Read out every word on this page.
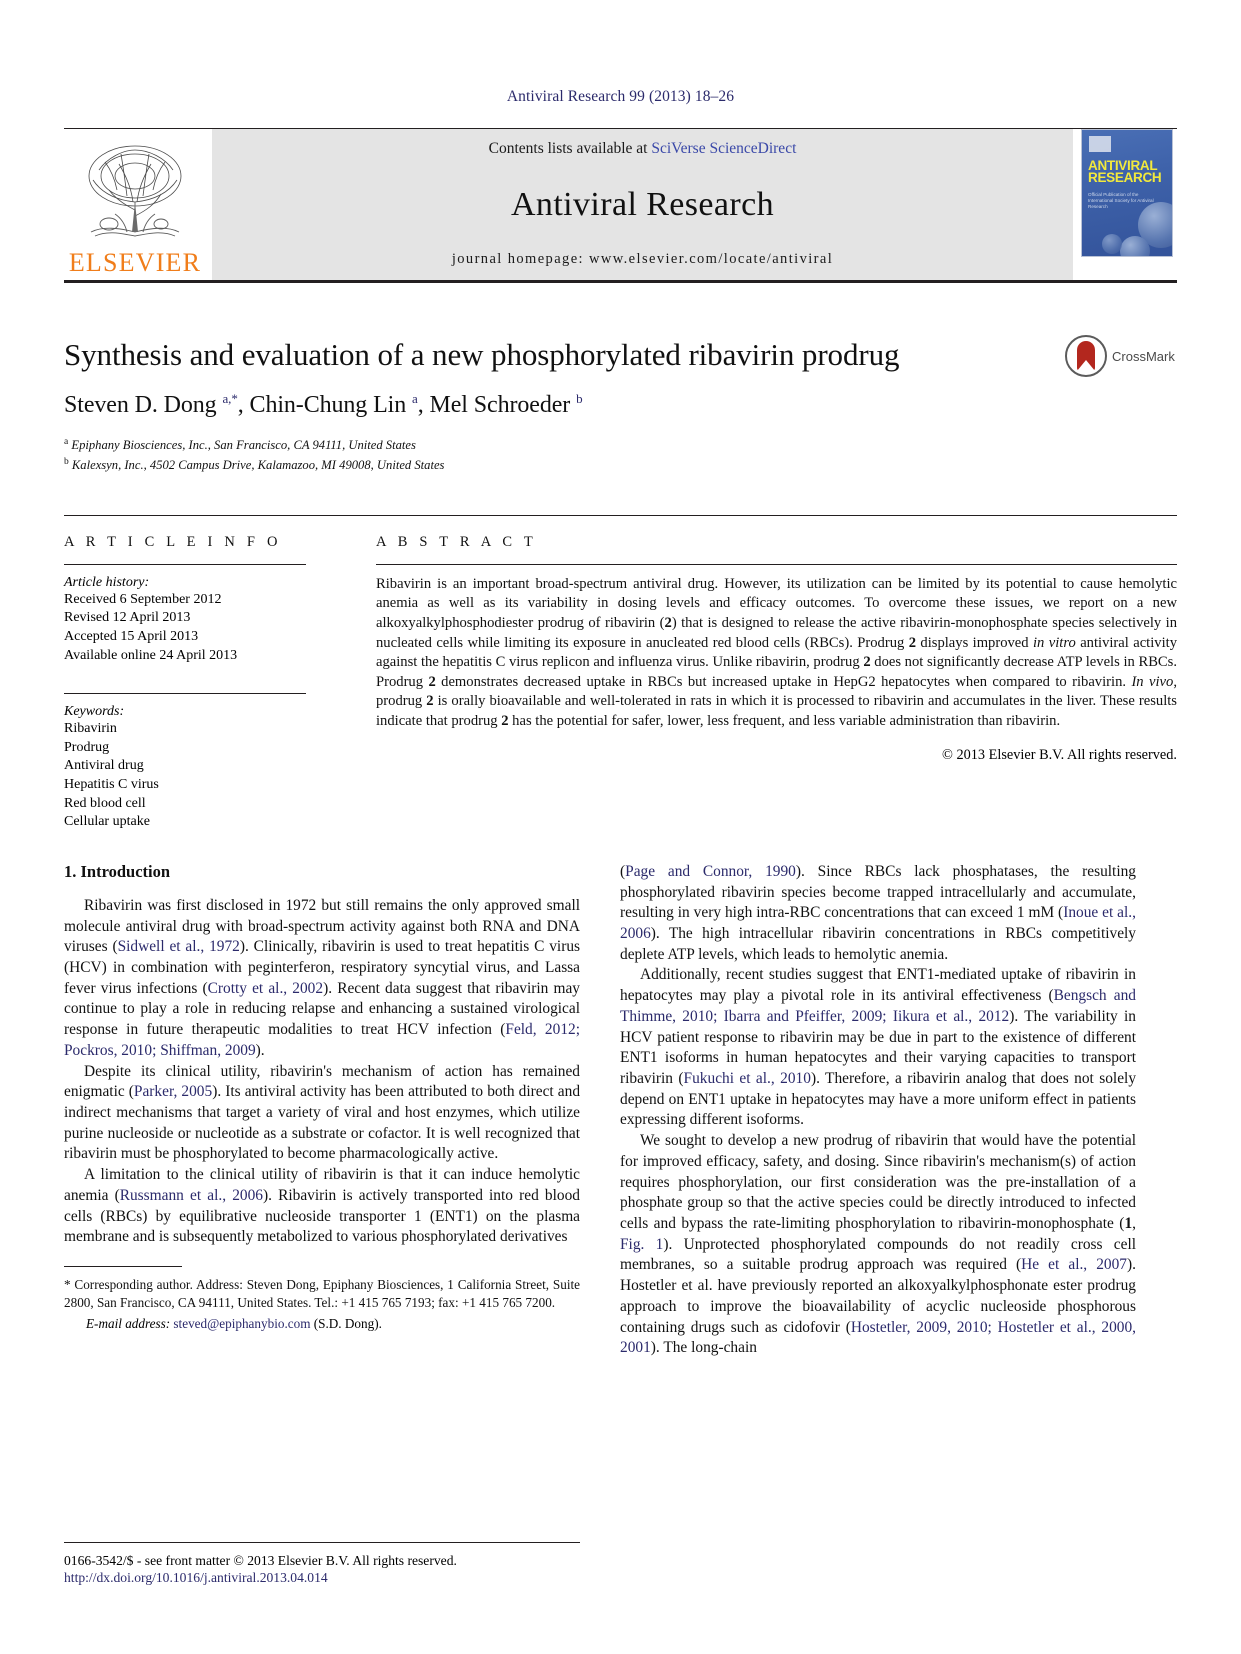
Antiviral Research 99 (2013) 18–26
ELSEVIER
Contents lists available at SciVerse ScienceDirect
Antiviral Research
journal homepage: www.elsevier.com/locate/antiviral
ANTIVIRAL
RESEARCH
Official Publication of the International Society for Antiviral Research
Synthesis and evaluation of a new phosphorylated ribavirin prodrug
Steven D. Dong $^{a,*}$, Chin-Chung Lin $^a$, Mel Schroeder $^b$
$^a$ Epiphany Biosciences, Inc., San Francisco, CA 94111, United States
$^b$ Kalexsyn, Inc., 4502 Campus Drive, Kalamazoo, MI 49008, United States
CrossMark
A R T I C L E I N F O
Article history:
Received 6 September 2012
Revised 12 April 2013
Accepted 15 April 2013
Available online 24 April 2013
Keywords:
Ribavirin
Prodrug
Antiviral drug
Hepatitis C virus
Red blood cell
Cellular uptake
A B S T R A C T
Ribavirin is an important broad-spectrum antiviral drug. However, its utilization can be limited by its potential to cause hemolytic anemia as well as its variability in dosing levels and efficacy outcomes. To overcome these issues, we report on a new alkoxyalkylphosphodiester prodrug of ribavirin (2) that is designed to release the active ribavirin-monophosphate species selectively in nucleated cells while limiting its exposure in anucleated red blood cells (RBCs). Prodrug 2 displays improved in vitro antiviral activity against the hepatitis C virus replicon and influenza virus. Unlike ribavirin, prodrug 2 does not significantly decrease ATP levels in RBCs. Prodrug 2 demonstrates decreased uptake in RBCs but increased uptake in HepG2 hepatocytes when compared to ribavirin. In vivo, prodrug 2 is orally bioavailable and well-tolerated in rats in which it is processed to ribavirin and accumulates in the liver. These results indicate that prodrug 2 has the potential for safer, lower, less frequent, and less variable administration than ribavirin.
© 2013 Elsevier B.V. All rights reserved.
1. Introduction

Ribavirin was first disclosed in 1972 but still remains the only approved small molecule antiviral drug with broad-spectrum activity against both RNA and DNA viruses (Sidwell et al., 1972). Clinically, ribavirin is used to treat hepatitis C virus (HCV) in combination with peginterferon, respiratory syncytial virus, and Lassa fever virus infections (Crotty et al., 2002). Recent data suggest that ribavirin may continue to play a role in reducing relapse and enhancing a sustained virological response in future therapeutic modalities to treat HCV infection (Feld, 2012; Pockros, 2010; Shiffman, 2009).

Despite its clinical utility, ribavirin's mechanism of action has remained enigmatic (Parker, 2005). Its antiviral activity has been attributed to both direct and indirect mechanisms that target a variety of viral and host enzymes, which utilize purine nucleoside or nucleotide as a substrate or cofactor. It is well recognized that ribavirin must be phosphorylated to become pharmacologically active.

A limitation to the clinical utility of ribavirin is that it can induce hemolytic anemia (Russmann et al., 2006). Ribavirin is actively transported into red blood cells (RBCs) by equilibrative nucleoside transporter 1 (ENT1) on the plasma membrane and is subsequently metabolized to various phosphorylated derivatives

* Corresponding author. Address: Steven Dong, Epiphany Biosciences, 1 California Street, Suite 2800, San Francisco, CA 94111, United States. Tel.: +1 415 765 7193; fax: +1 415 765 7200.
E-mail address: steved@epiphanybio.com (S.D. Dong).

(Page and Connor, 1990). Since RBCs lack phosphatases, the resulting phosphorylated ribavirin species become trapped intracellularly and accumulate, resulting in very high intra-RBC concentrations that can exceed 1 mM (Inoue et al., 2006). The high intracellular ribavirin concentrations in RBCs competitively deplete ATP levels, which leads to hemolytic anemia.

Additionally, recent studies suggest that ENT1-mediated uptake of ribavirin in hepatocytes may play a pivotal role in its antiviral effectiveness (Bengsch and Thimme, 2010; Ibarra and Pfeiffer, 2009; Iikura et al., 2012). The variability in HCV patient response to ribavirin may be due in part to the existence of different ENT1 isoforms in human hepatocytes and their varying capacities to transport ribavirin (Fukuchi et al., 2010). Therefore, a ribavirin analog that does not solely depend on ENT1 uptake in hepatocytes may have a more uniform effect in patients expressing different isoforms.

We sought to develop a new prodrug of ribavirin that would have the potential for improved efficacy, safety, and dosing. Since ribavirin's mechanism(s) of action requires phosphorylation, our first consideration was the pre-installation of a phosphate group so that the active species could be directly introduced to infected cells and bypass the rate-limiting phosphorylation to ribavirin-monophosphate (1, Fig. 1). Unprotected phosphorylated compounds do not readily cross cell membranes, so a suitable prodrug approach was required (He et al., 2007). Hostetler et al. have previously reported an alkoxyalkylphosphonate ester prodrug approach to improve the bioavailability of acyclic nucleoside phosphorous containing drugs such as cidofovir (Hostetler, 2009, 2010; Hostetler et al., 2000, 2001). The long-chain

0166-3542/$ - see front matter © 2013 Elsevier B.V. All rights reserved.
http://dx.doi.org/10.1016/j.antiviral.2013.04.014
